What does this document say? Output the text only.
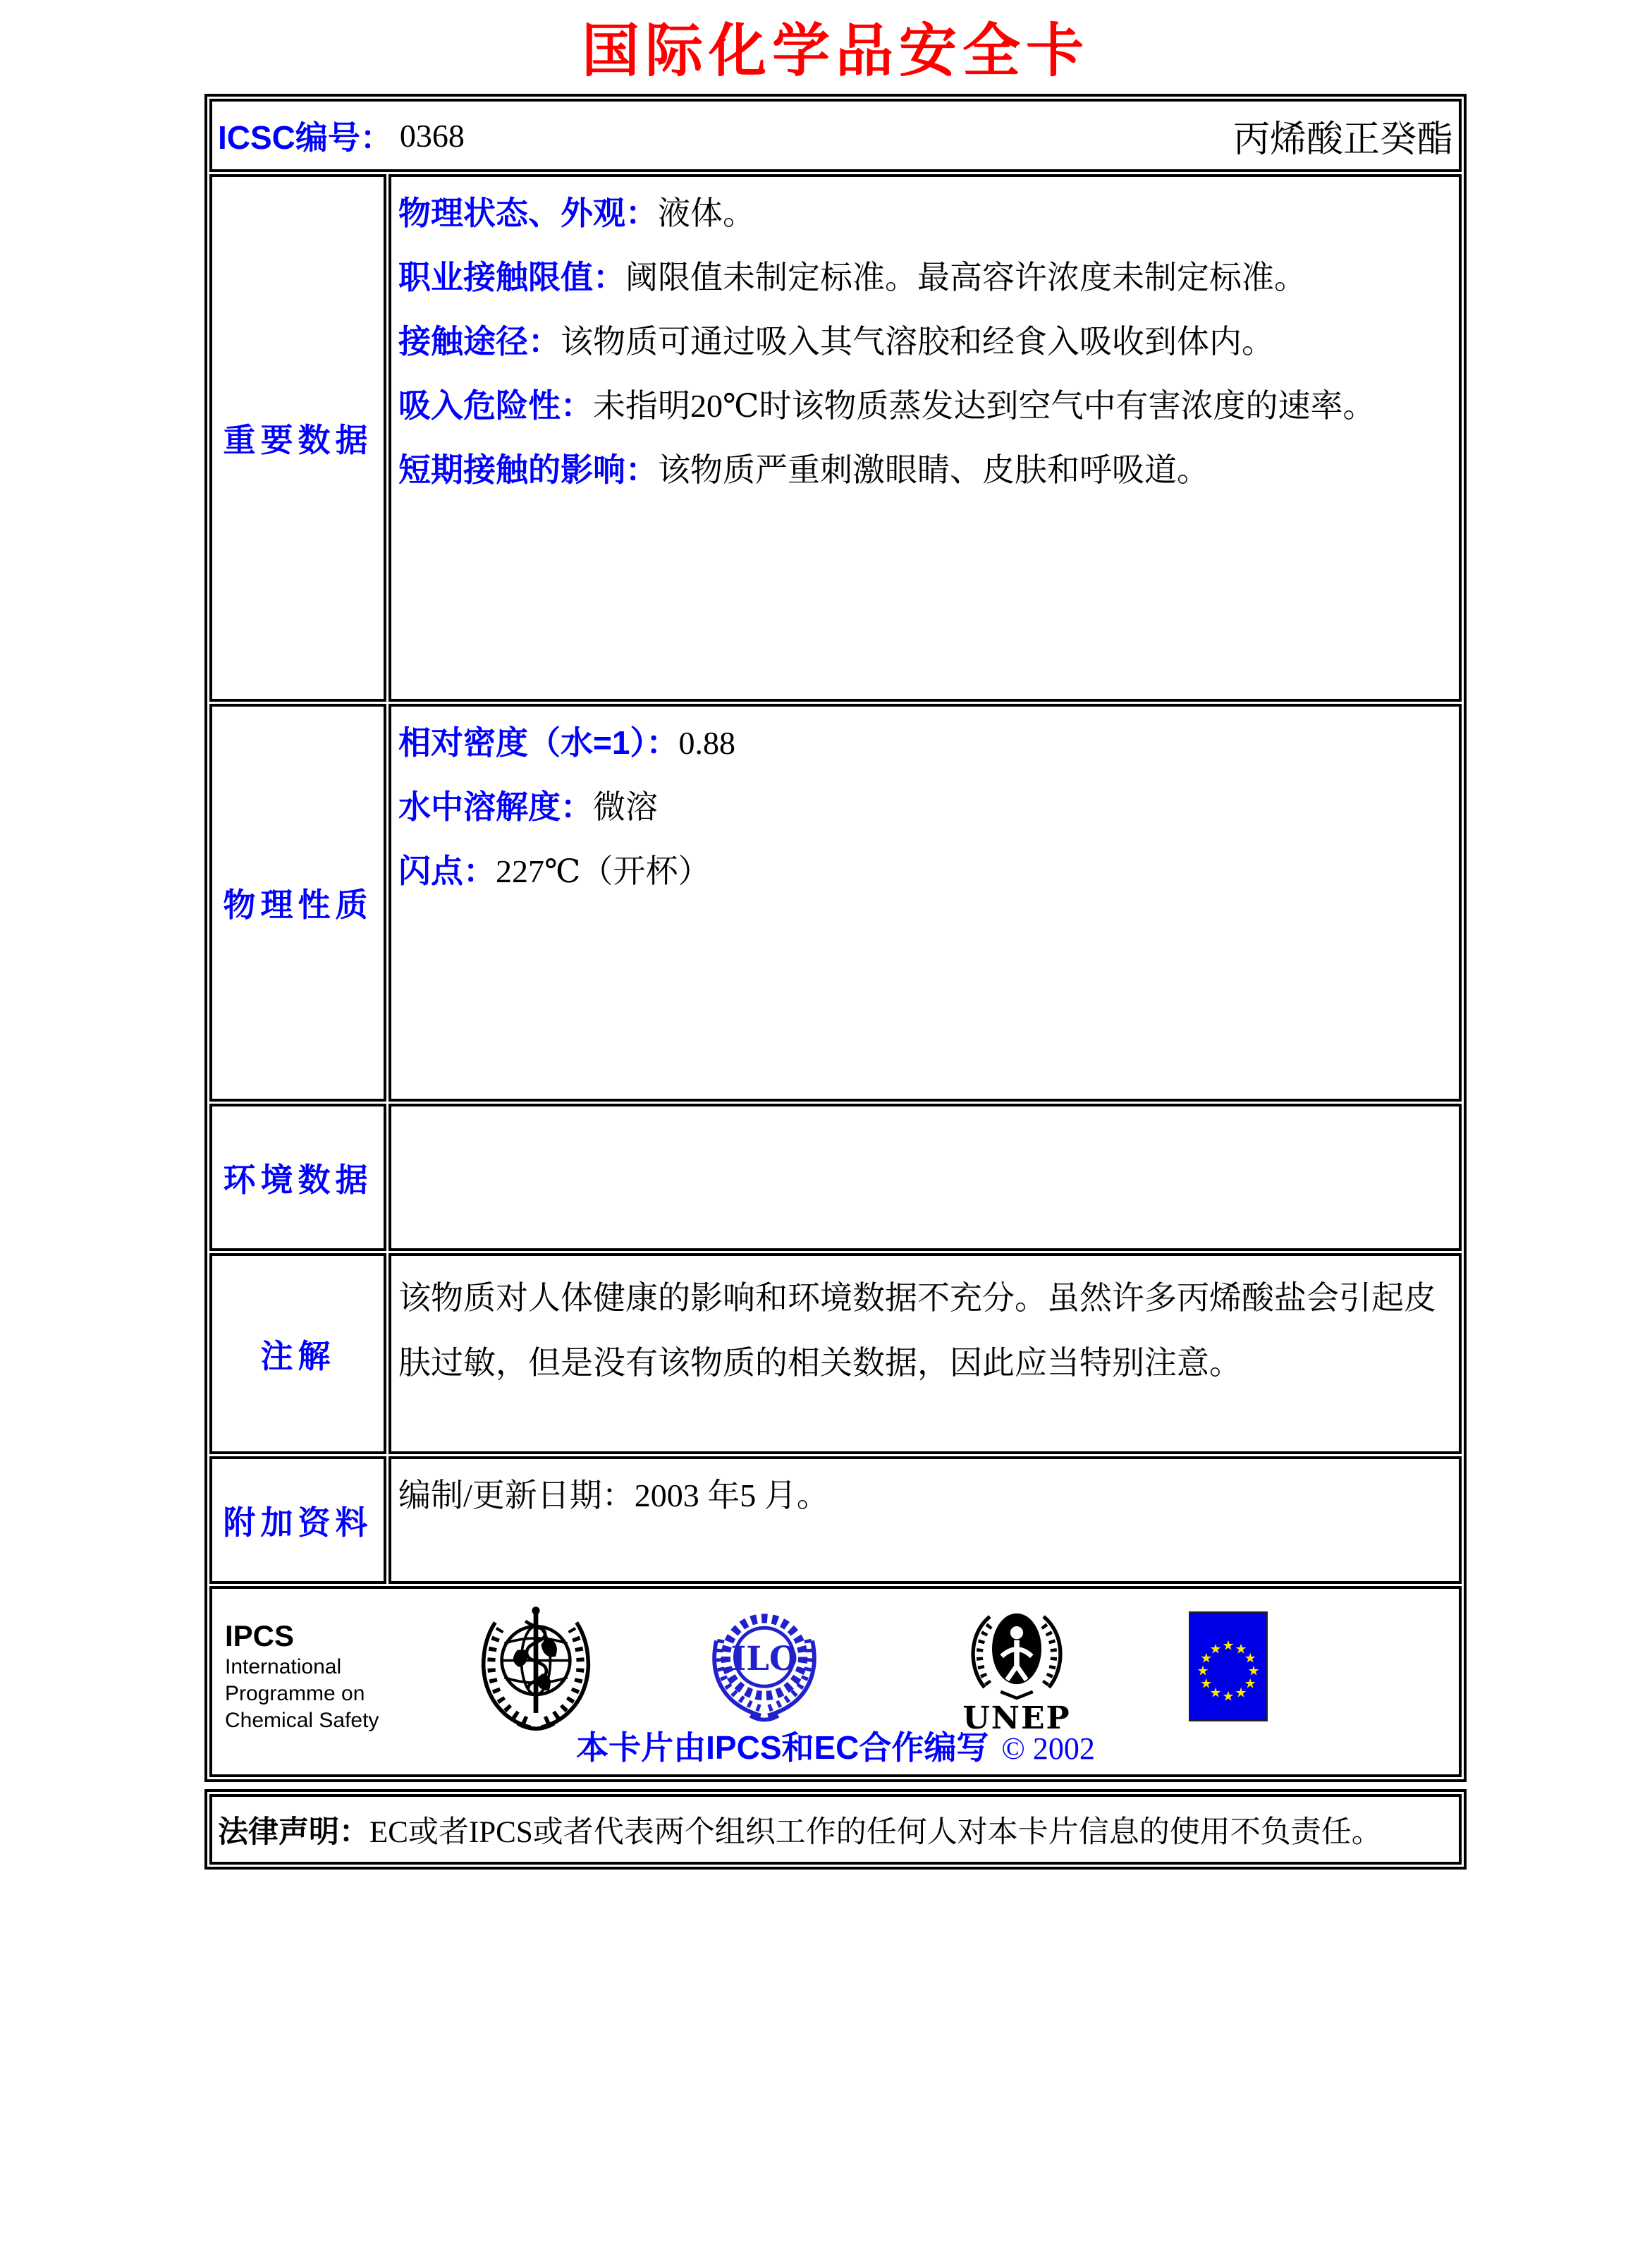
国际化学品安全卡
ICSC编号： 0368	丙烯酸正癸酯
重要数据

物理状态、外观：液体。

职业接触限值：阈限值未制定标准。最高容许浓度未制定标准。

接触途径：该物质可通过吸入其气溶胶和经食入吸收到体内。

吸入危险性：未指明20℃时该物质蒸发达到空气中有害浓度的速率。

短期接触的影响：该物质严重刺激眼睛、皮肤和呼吸道。

物理性质

相对密度（水=1）：0.88

水中溶解度：微溶

闪点：227℃（开杯）

环境数据

注解

该物质对人体健康的影响和环境数据不充分。虽然许多丙烯酸盐会引起皮肤过敏，但是没有该物质的相关数据，因此应当特别注意。

附加资料

编制/更新日期：2003 年5 月。

IPCS
International
Programme on
Chemical Safety
ILO
UNEP
★ ★
★
★
★
★
★
★
★
★
★
★
本卡片由IPCS和EC合作编写 © 2002
法律声明： EC或者IPCS或者代表两个组织工作的任何人对本卡片信息的使用不负责任。
